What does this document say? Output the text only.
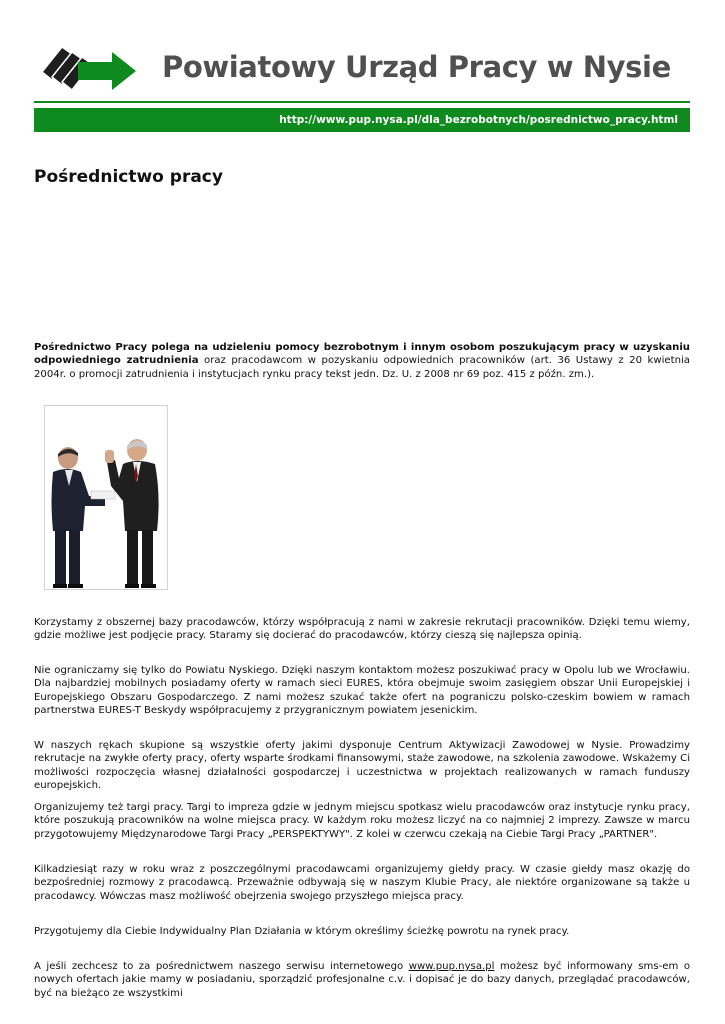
Powiatowy Urząd Pracy w Nysie
http://www.pup.nysa.pl/dla_bezrobotnych/posrednictwo_pracy.html
Pośrednictwo pracy

Pośrednictwo Pracy polega na udzieleniu pomocy bezrobotnym i innym osobom poszukującym pracy w uzyskaniu odpowiedniego zatrudnienia oraz pracodawcom w pozyskaniu odpowiednich pracowników (art. 36 Ustawy z 20 kwietnia 2004r. o promocji zatrudnienia i instytucjach rynku pracy tekst jedn. Dz. U. z 2008 nr 69 poz. 415 z późn. zm.).

Korzystamy z obszernej bazy pracodawców, którzy współpracują z nami w zakresie rekrutacji pracowników. Dzięki temu wiemy, gdzie możliwe jest podjęcie pracy. Staramy się docierać do pracodawców, którzy cieszą się najlepsza opinią.

Nie ograniczamy się tylko do Powiatu Nyskiego. Dzięki naszym kontaktom możesz poszukiwać pracy w Opolu lub we Wrocławiu. Dla najbardziej mobilnych posiadamy oferty w ramach sieci EURES, która obejmuje swoim zasięgiem obszar Unii Europejskiej i Europejskiego Obszaru Gospodarczego. Z nami możesz szukać także ofert na pograniczu polsko-czeskim bowiem w ramach partnerstwa EURES-T Beskydy współpracujemy z przygranicznym powiatem jesenickim.

W naszych rękach skupione są wszystkie oferty jakimi dysponuje Centrum Aktywizacji Zawodowej w Nysie. Prowadzimy rekrutacje na zwykłe oferty pracy, oferty wsparte środkami finansowymi, staże zawodowe, na szkolenia zawodowe. Wskażemy Ci możliwości rozpoczęcia własnej działalności gospodarczej i uczestnictwa w projektach realizowanych w ramach funduszy europejskich.

Organizujemy też targi pracy. Targi to impreza gdzie w jednym miejscu spotkasz wielu pracodawców oraz instytucje rynku pracy, które poszukują pracowników na wolne miejsca pracy. W każdym roku możesz liczyć na co najmniej 2 imprezy. Zawsze w marcu przygotowujemy Międzynarodowe Targi Pracy „PERSPEKTYWY". Z kolei w czerwcu czekają na Ciebie Targi Pracy „PARTNER".

Kilkadziesiąt razy w roku wraz z poszczególnymi pracodawcami organizujemy giełdy pracy. W czasie giełdy masz okazję do bezpośredniej rozmowy z pracodawcą. Przeważnie odbywają się w naszym Klubie Pracy, ale niektóre organizowane są także u pracodawcy. Wówczas masz możliwość obejrzenia swojego przyszłego miejsca pracy.

Przygotujemy dla Ciebie Indywidualny Plan Działania w którym określimy ścieżkę powrotu na rynek pracy.

A jeśli zechcesz to za pośrednictwem naszego serwisu internetowego www.pup.nysa.pl możesz być informowany sms-em o nowych ofertach jakie mamy w posiadaniu, sporządzić profesjonalne c.v. i dopisać je do bazy danych, przeglądać pracodawców, być na bieżąco ze wszystkimi
